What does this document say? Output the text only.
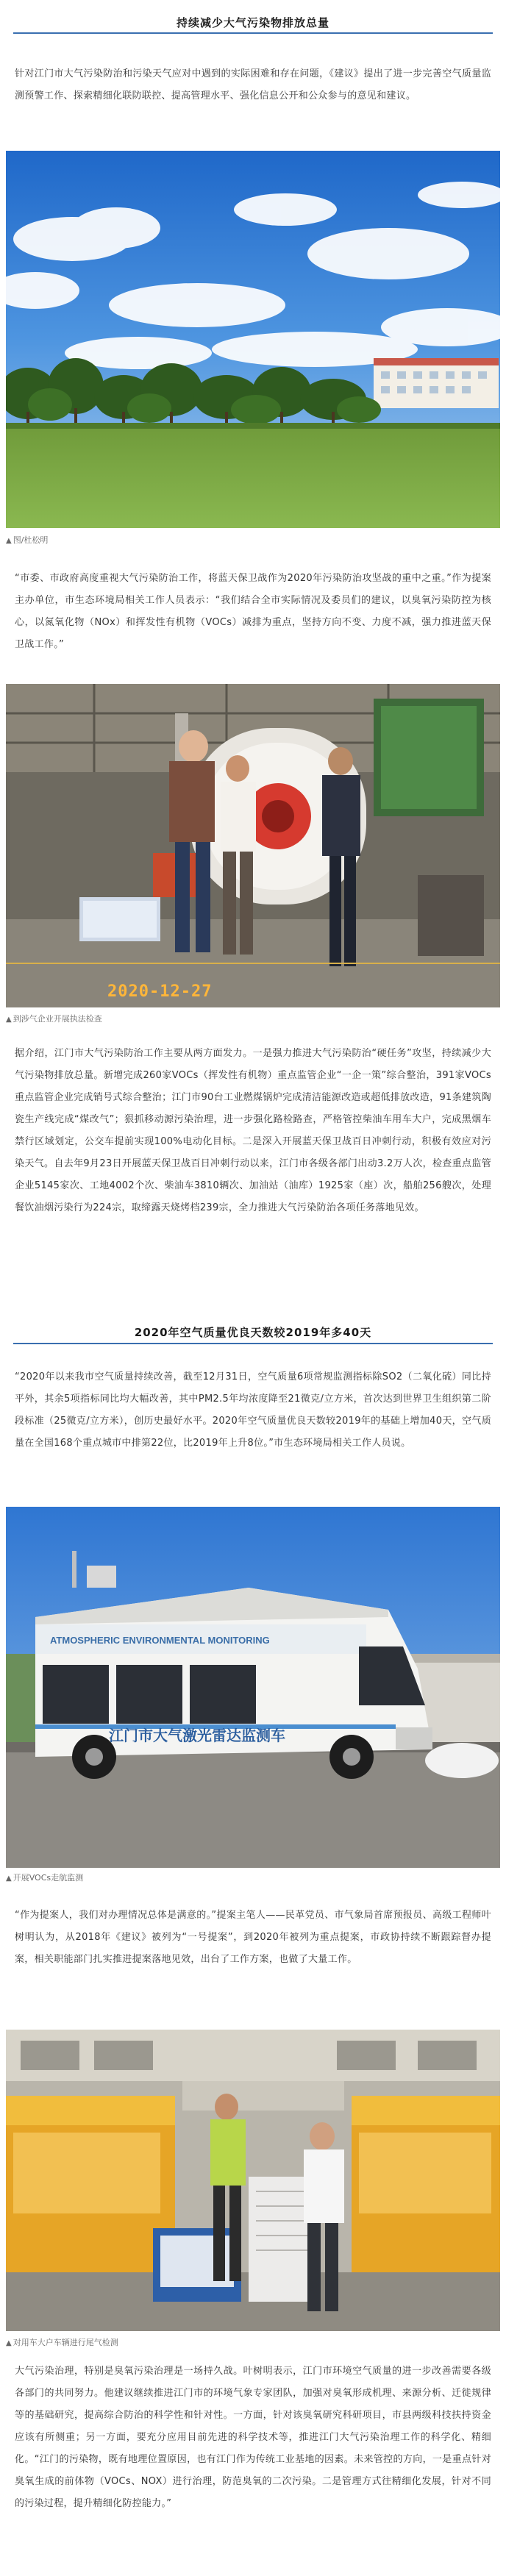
持续减少大气污染物排放总量
针对江门市大气污染防治和污染天气应对中遇到的实际困难和存在问题，《建议》提出了进一步完善空气质量监测预警工作、探索精细化联防联控、提高管理水平、强化信息公开和公众参与的意见和建议。
▲ 图/杜松明
“市委、市政府高度重视大气污染防治工作，将蓝天保卫战作为2020年污染防治攻坚战的重中之重。”作为提案主办单位，市生态环境局相关工作人员表示：“我们结合全市实际情况及委员们的建议，以臭氧污染防控为核心，以氮氧化物（NOx）和挥发性有机物（VOCs）减排为重点，坚持方向不变、力度不减，强力推进蓝天保卫战工作。”
2020-12-27
▲ 到涉气企业开展执法检查
据介绍，江门市大气污染防治工作主要从两方面发力。一是强力推进大气污染防治“硬任务”攻坚，持续减少大气污染物排放总量。新增完成260家VOCs（挥发性有机物）重点监管企业“一企一策”综合整治，391家VOCs重点监管企业完成销号式综合整治；江门市90台工业燃煤锅炉完成清洁能源改造或超低排放改造，91条建筑陶瓷生产线完成“煤改气”；狠抓移动源污染治理，进一步强化路检路查，严格管控柴油车用车大户，完成黑烟车禁行区域划定，公交车提前实现100%电动化目标。二是深入开展蓝天保卫战百日冲刺行动，积极有效应对污染天气。自去年9月23日开展蓝天保卫战百日冲刺行动以来，江门市各级各部门出动3.2万人次，检查重点监管企业5145家次、工地4002个次、柴油车3810辆次、加油站（油库）1925家（座）次，船舶256艘次，处理餐饮油烟污染行为224宗，取缔露天烧烤档239宗，全力推进大气污染防治各项任务落地见效。
2020年空气质量优良天数较2019年多40天
“2020年以来我市空气质量持续改善，截至12月31日，空气质量6项常规监测指标除SO2（二氧化硫）同比持平外，其余5项指标同比均大幅改善，其中PM2.5年均浓度降至21微克/立方米，首次达到世界卫生组织第二阶段标准（25微克/立方米），创历史最好水平。2020年空气质量优良天数较2019年的基础上增加40天，空气质量在全国168个重点城市中排第22位，比2019年上升8位。”市生态环境局相关工作人员说。
ATMOSPHERIC ENVIRONMENTAL MONITORING
江门市大气激光雷达监测车
▲ 开展VOCs走航监测
“作为提案人，我们对办理情况总体是满意的。”提案主笔人——民革党员、市气象局首席预报员、高级工程师叶树明认为，从2018年《建议》被列为“一号提案”，到2020年被列为重点提案，市政协持续不断跟踪督办提案，相关职能部门扎实推进提案落地见效，出台了工作方案，也做了大量工作。
▲ 对用车大户车辆进行尾气检测
大气污染治理，特别是臭氧污染治理是一场持久战。叶树明表示，江门市环境空气质量的进一步改善需要各级各部门的共同努力。他建议继续推进江门市的环境气象专家团队，加强对臭氧形成机理、来源分析、迁徙规律等的基础研究，提高综合防治的科学性和针对性。一方面，针对该臭氧研究科研项目，市县两级科技扶持资金应该有所侧重；另一方面，要充分应用目前先进的科学技术等，推进江门大气污染治理工作的科学化、精细化。“江门的污染物，既有地理位置原因，也有江门作为传统工业基地的因素。未来管控的方向，一是重点针对臭氧生成的前体物（VOCs、NOX）进行治理，防范臭氧的二次污染。二是管理方式往精细化发展，针对不同的污染过程，提升精细化防控能力。”
